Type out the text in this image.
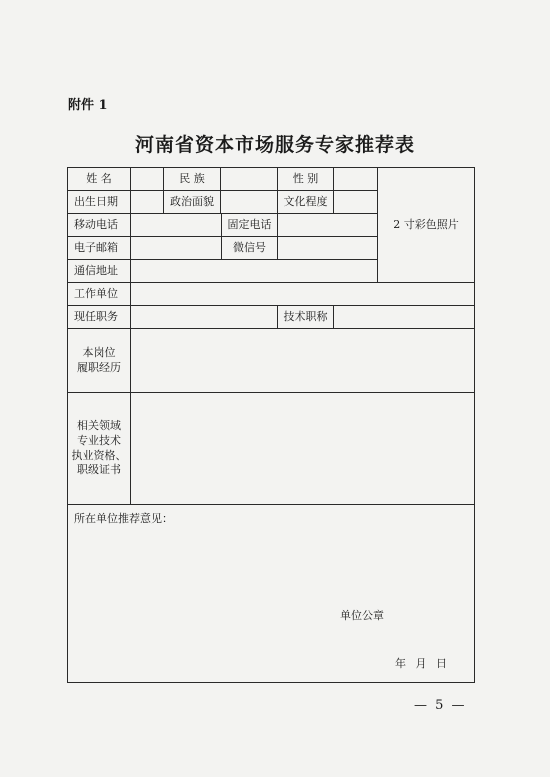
附件 1
河南省资本市场服务专家推荐表
姓 名	民 族	性 别
2 寸彩色照片
出生日期	政治面貌	文化程度
移动电话	固定电话
电子邮箱	微信号
通信地址
工作单位
现任职务	技术职称
本岗位
履职经历
相关领域
专业技术
执业资格、
职级证书
所在单位推荐意见：
单位公章
年 月 日
— 5 —
